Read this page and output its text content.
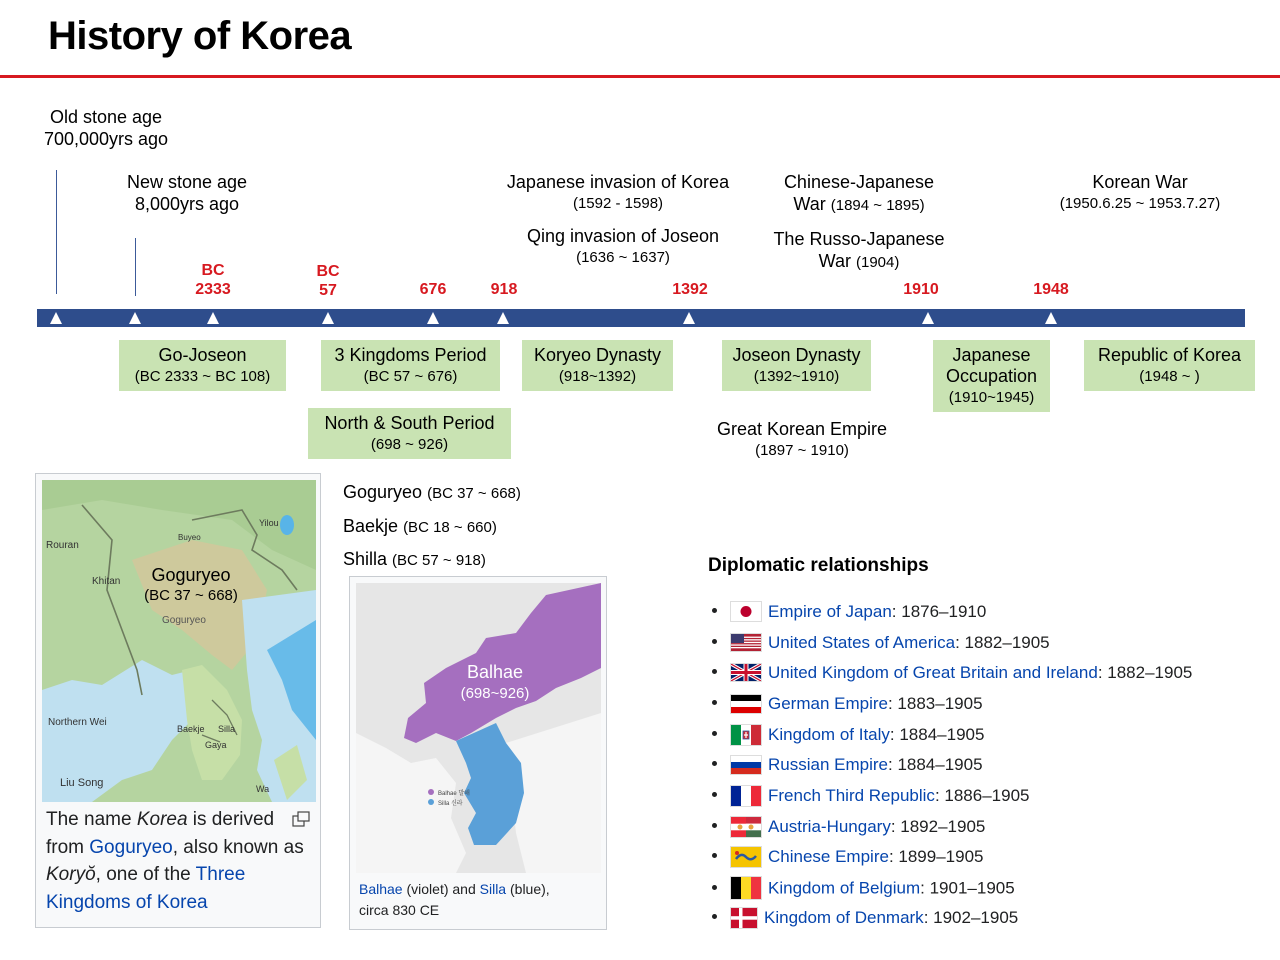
History of Korea
Old stone age
700,000yrs ago
New stone age
8,000yrs ago
Japanese invasion of Korea
(1592 - 1598)
Qing invasion of Joseon
(1636 ~ 1637)
Chinese-Japanese
War (1894 ~ 1895)
The Russo-Japanese
War (1904)
Korean War
(1950.6.25 ~ 1953.7.27)
BC
2333
BC
57	676	918	1392	1910	1948
Go-Joseon
(BC 2333 ~ BC 108)
3 Kingdoms Period
(BC 57 ~ 676)
North & South Period
(698 ~ 926)
Koryeo Dynasty
(918~1392)
Joseon Dynasty
(1392~1910)
Japanese
Occupation
(1910~1945)
Republic of Korea
(1948 ~ )
Great Korean Empire
(1897 ~ 1910)
Goguryeo (BC 37 ~ 668)
Baekje (BC 18 ~ 660)
Shilla (BC 57 ~ 918)
Rouran
Khitan
Goguryeo
Northern Wei
Baekje Silla
Gaya
Liu Song
Yilou
Buyeo
Wa
Goguryeo
(BC 37 ~ 668)
The name Korea is derived from Goguryeo, also known as Koryŏ, one of the Three Kingdoms of Korea
Balhae 발해
Silla 신라
Balhae
(698~926)
Balhae (violet) and Silla (blue),
circa 830 CE
Diplomatic relationships
Empire of Japan: 1876–1910
United States of America: 1882–1905
United Kingdom of Great Britain and Ireland: 1882–1905
German Empire: 1883–1905
Kingdom of Italy: 1884–1905
Russian Empire: 1884–1905
French Third Republic: 1886–1905
Austria-Hungary: 1892–1905
Chinese Empire: 1899–1905
Kingdom of Belgium: 1901–1905
Kingdom of Denmark: 1902–1905
